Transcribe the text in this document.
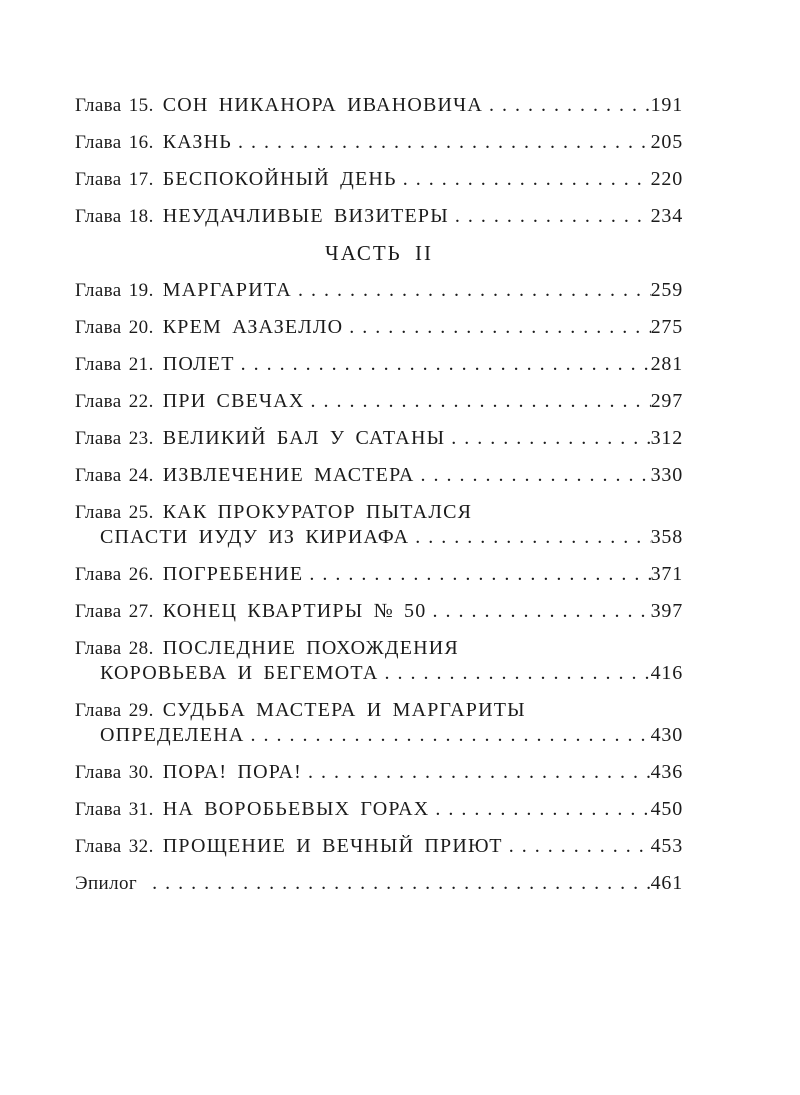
Глава 15. СОН НИКАНОРА ИВАНОВИЧА . . .	191
Глава 16. КАЗНЬ . . .	205
Глава 17. БЕСПОКОЙНЫЙ ДЕНЬ . . .	220
Глава 18. НЕУДАЧЛИВЫЕ ВИЗИТЕРЫ . . .	234
ЧАСТЬ II
Глава 19. МАРГАРИТА . . .	259
Глава 20. КРЕМ АЗАЗЕЛЛО . . .	275
Глава 21. ПОЛЕТ . . .	281
Глава 22. ПРИ СВЕЧАХ . . .	297
Глава 23. ВЕЛИКИЙ БАЛ У САТАНЫ . . .	312
Глава 24. ИЗВЛЕЧЕНИЕ МАСТЕРА . . .	330
Глава 25. КАК ПРОКУРАТОР ПЫТАЛСЯ
СПАСТИ ИУДУ ИЗ КИРИАФА . . .	358
Глава 26. ПОГРЕБЕНИЕ . . .	371
Глава 27. КОНЕЦ КВАРТИРЫ № 50 . . .	397
Глава 28. ПОСЛЕДНИЕ ПОХОЖДЕНИЯ
КОРОВЬЕВА И БЕГЕМОТА . . .	416
Глава 29. СУДЬБА МАСТЕРА И МАРГАРИТЫ
ОПРЕДЕЛЕНА . . .	430
Глава 30. ПОРА! ПОРА! . . .	436
Глава 31. НА ВОРОБЬЕВЫХ ГОРАХ . . .	450
Глава 32. ПРОЩЕНИЕ И ВЕЧНЫЙ ПРИЮТ . . .	453
Эпилог . . .	461
